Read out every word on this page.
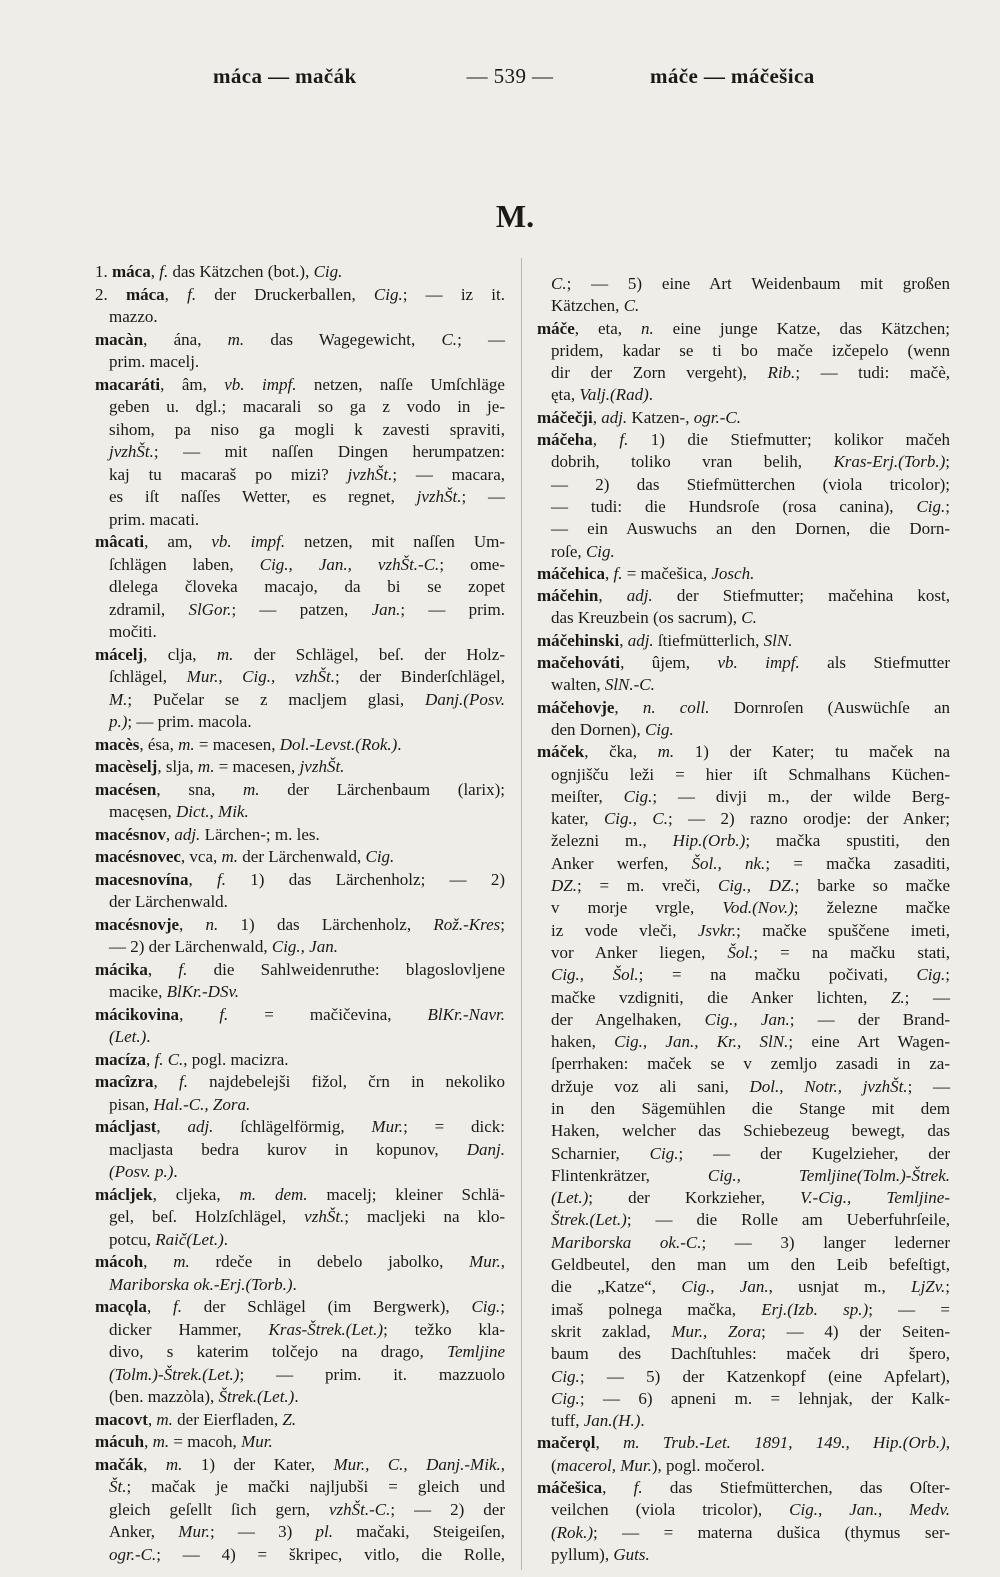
máca — mačák	— 539 —	máče — máčešica
M.
1. máca, f. das Kätzchen (bot.), Cig.
2. máca, f. der Druckerballen, Cig.; — iz it.
mazzo.
macàn, ána, m. das Wagegewicht, C.; —
prim. macelj.
macaráti, âm, vb. impf. netzen, naſſe Umſchläge
geben u. dgl.; macarali so ga z vodo in je-
sihom, pa niso ga mogli k zavesti spraviti,
jvzhŠt.; — mit naſſen Dingen herumpatzen:
kaj tu macaraš po mizi? jvzhŠt.; — macara,
es iſt naſſes Wetter, es regnet, jvzhŠt.; —
prim. macati.
mâcati, am, vb. impf. netzen, mit naſſen Um-
ſchlägen laben, Cig., Jan., vzhŠt.-C.; ome-
dlelega človeka macajo, da bi se zopet
zdramil, SlGor.; — patzen, Jan.; — prim.
močiti.
mácelj, clja, m. der Schlägel, beſ. der Holz-
ſchlägel, Mur., Cig., vzhŠt.; der Binderſchlägel,
M.; Pučelar se z macljem glasi, Danj.(Posv.
p.); — prim. macola.
macès, ésa, m. = macesen, Dol.-Levst.(Rok.).
macèselj, slja, m. = macesen, jvzhŠt.
macésen, sna, m. der Lärchenbaum (larix);
macęsen, Dict., Mik.
macésnov, adj. Lärchen-; m. les.
macésnovec, vca, m. der Lärchenwald, Cig.
macesnovína, f. 1) das Lärchenholz; — 2)
der Lärchenwald.
macésnovje, n. 1) das Lärchenholz, Rož.-Kres;
— 2) der Lärchenwald, Cig., Jan.
mácika, f. die Sahlweidenruthe: blagoslovljene
macike, BlKr.-DSv.
mácikovina, f. = mačičevina, BlKr.-Navr.
(Let.).
macíza, f. C., pogl. macizra.
macîzra, f. najdebelejši fižol, črn in nekoliko
pisan, Hal.-C., Zora.
mácljast, adj. ſchlägelförmig, Mur.; = dick:
macljasta bedra kurov in kopunov, Danj.
(Posv. p.).
mácljek, cljeka, m. dem. macelj; kleiner Schlä-
gel, beſ. Holzſchlägel, vzhŠt.; macljeki na klo-
potcu, Raič(Let.).
mácoh, m. rdeče in debelo jabolko, Mur.,
Mariborska ok.-Erj.(Torb.).
macǫla, f. der Schlägel (im Bergwerk), Cig.;
dicker Hammer, Kras-Štrek.(Let.); težko kla-
divo, s katerim tolčejo na drago, Temljine
(Tolm.)-Štrek.(Let.); — prim. it. mazzuolo
(ben. mazzòla), Štrek.(Let.).
macovt, m. der Eierfladen, Z.
mácuh, m. = macoh, Mur.
mačák, m. 1) der Kater, Mur., C., Danj.-Mik.,
Št.; mačak je mački najljubši = gleich und
gleich geſellt ſich gern, vzhŠt.-C.; — 2) der
Anker, Mur.; — 3) pl. mačaki, Steigeiſen,
ogr.-C.; — 4) = škripec, vitlo, die Rolle,
C.; — 5) eine Art Weidenbaum mit großen
Kätzchen, C.
máče, eta, n. eine junge Katze, das Kätzchen;
pridem, kadar se ti bo mače izčepelo (wenn
dir der Zorn vergeht), Rib.; — tudi: mačè,
ęta, Valj.(Rad).
máčečji, adj. Katzen-, ogr.-C.
máčeha, f. 1) die Stiefmutter; kolikor mačeh
dobrih, toliko vran belih, Kras-Erj.(Torb.);
— 2) das Stiefmütterchen (viola tricolor);
— tudi: die Hundsroſe (rosa canina), Cig.;
— ein Auswuchs an den Dornen, die Dorn-
roſe, Cig.
máčehica, f. = mačešica, Josch.
máčehin, adj. der Stiefmutter; mačehina kost,
das Kreuzbein (os sacrum), C.
máčehinski, adj. ſtiefmütterlich, SlN.
mačehováti, ûjem, vb. impf. als Stiefmutter
walten, SlN.-C.
máčehovje, n. coll. Dornroſen (Auswüchſe an
den Dornen), Cig.
máček, čka, m. 1) der Kater; tu maček na
ognjišču leži = hier iſt Schmalhans Küchen-
meiſter, Cig.; — divji m., der wilde Berg-
kater, Cig., C.; — 2) razno orodje: der Anker;
železni m., Hip.(Orb.); mačka spustiti, den
Anker werfen, Šol., nk.; = mačka zasaditi,
DZ.; = m. vreči, Cig., DZ.; barke so mačke
v morje vrgle, Vod.(Nov.); železne mačke
iz vode vleči, Jsvkr.; mačke spuščene imeti,
vor Anker liegen, Šol.; = na mačku stati,
Cig., Šol.; = na mačku počivati, Cig.;
mačke vzdigniti, die Anker lichten, Z.; —
der Angelhaken, Cig., Jan.; — der Brand-
haken, Cig., Jan., Kr., SlN.; eine Art Wagen-
ſperrhaken: maček se v zemljo zasadi in za-
držuje voz ali sani, Dol., Notr., jvzhŠt.; —
in den Sägemühlen die Stange mit dem
Haken, welcher das Schiebezeug bewegt, das
Scharnier, Cig.; — der Kugelzieher, der
Flintenkrätzer, Cig., Temljine(Tolm.)-Štrek.
(Let.); der Korkzieher, V.-Cig., Temljine-
Štrek.(Let.); — die Rolle am Ueberfuhrſeile,
Mariborska ok.-C.; — 3) langer lederner
Geldbeutel, den man um den Leib befeſtigt,
die „Katze“, Cig., Jan., usnjat m., LjZv.;
imaš polnega mačka, Erj.(Izb. sp.); — =
skrit zaklad, Mur., Zora; — 4) der Seiten-
baum des Dachſtuhles: maček dri špero,
Cig.; — 5) der Katzenkopf (eine Apfelart),
Cig.; — 6) apneni m. = lehnjak, der Kalk-
tuff, Jan.(H.).
mačerǫl, m. Trub.-Let. 1891, 149., Hip.(Orb.),
(macerol, Mur.), pogl. močerol.
máčešica, f. das Stiefmütterchen, das Oſter-
veilchen (viola tricolor), Cig., Jan., Medv.
(Rok.); — = materna dušica (thymus ser-
pyllum), Guts.
